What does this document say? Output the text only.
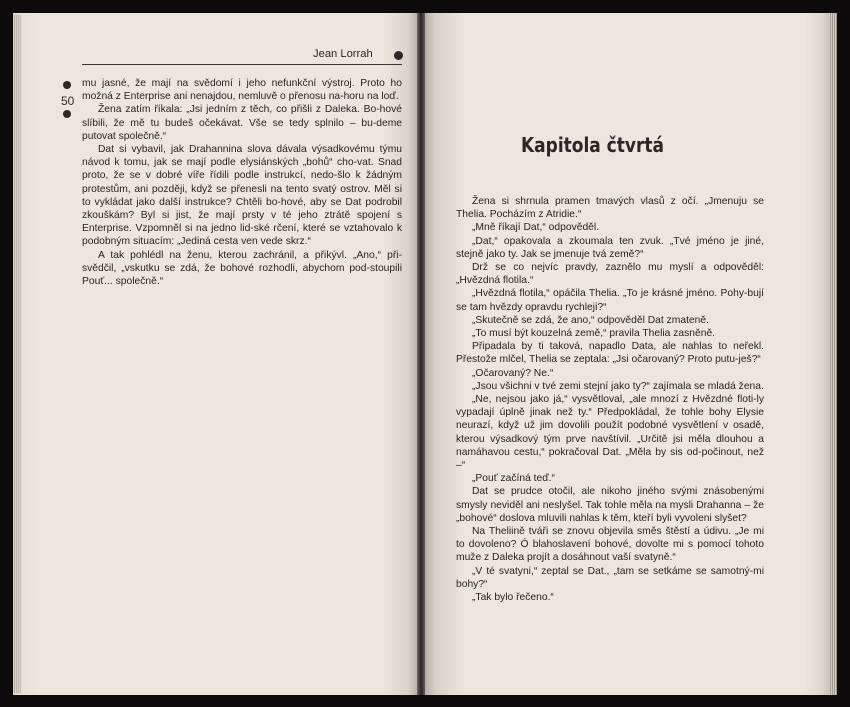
Jean Lorrah
50

mu jasné, že mají na svědomí i jeho nefunkční výstroj. Proto ho možná z Enterprise ani nenajdou, nemluvě o přenosu na-horu na loď.

Žena zatím říkala: „Jsi jedním z těch, co přišli z Daleka. Bo-hové slíbili, že mě tu budeš očekávat. Vše se tedy splnilo – bu-deme putovat společně.“

Dat si vybavil, jak Drahannina slova dávala výsadkovému týmu návod k tomu, jak se mají podle elysiánských „bohů“ cho-vat. Snad proto, že se v dobré víře řídili podle instrukcí, nedo-šlo k žádným protestům, ani později, když se přenesli na tento svatý ostrov. Měl si to vykládat jako další instrukce? Chtěli bo-hové, aby se Dat podrobil zkouškám? Byl si jist, že mají prsty v té jeho ztrátě spojení s Enterprise. Vzpomněl si na jedno lid-ské rčení, které se vztahovalo k podobným situacím: „Jediná cesta ven vede skrz.“

A tak pohlédl na ženu, kterou zachránil, a přikývl. „Ano,“ při-svědčil, „vskutku se zdá, že bohové rozhodli, abychom pod-stoupili Pouť... společně.“

Kapitola čtvrtá

Žena si shrnula pramen tmavých vlasů z očí. „Jmenuju se Thelia. Pocházím z Atridie.“

„Mně říkají Dat,“ odpověděl.

„Dat,“ opakovala a zkoumala ten zvuk. „Tvé jméno je jiné, stejně jako ty. Jak se jmenuje tvá země?“

Drž se co nejvíc pravdy, zaznělo mu myslí a odpověděl: „Hvězdná flotila.“

„Hvězdná flotila,“ opáčila Thelia. „To je krásné jméno. Pohy-bují se tam hvězdy opravdu rychleji?“

„Skutečně se zdá, že ano,“ odpověděl Dat zmateně.

„To musí být kouzelná země,“ pravila Thelia zasněně.

Připadala by ti taková, napadlo Data, ale nahlas to neřekl. Přestože mlčel, Thelia se zeptala: „Jsi očarovaný? Proto putu-ješ?“

„Očarovaný? Ne.“

„Jsou všichni v tvé zemi stejní jako ty?“ zajímala se mladá žena.

„Ne, nejsou jako já,“ vysvětloval, „ale mnozí z Hvězdné floti-ly vypadají úplně jinak než ty.“ Předpokládal, že tohle bohy Elysie neurazí, když už jim dovolili použít podobné vysvětlení v osadě, kterou výsadkový tým prve navštívil. „Určitě jsi měla dlouhou a namáhavou cestu,“ pokračoval Dat. „Měla by sis od-počinout, než –“

„Pouť začíná teď.“

Dat se prudce otočil, ale nikoho jiného svými znásobenými smysly neviděl ani neslyšel. Tak tohle měla na mysli Drahanna – že „bohové“ doslova mluvili nahlas k těm, kteří byli vyvoleni slyšet?

Na Theliině tváři se znovu objevila směs štěstí a údivu. „Je mi to dovoleno? Ó blahoslavení bohové, dovolte mi s pomocí tohoto muže z Daleka projít a dosáhnout vaší svatyně.“

„V té svatyni,“ zeptal se Dat., „tam se setkáme se samotný-mi bohy?“

„Tak bylo řečeno.“
